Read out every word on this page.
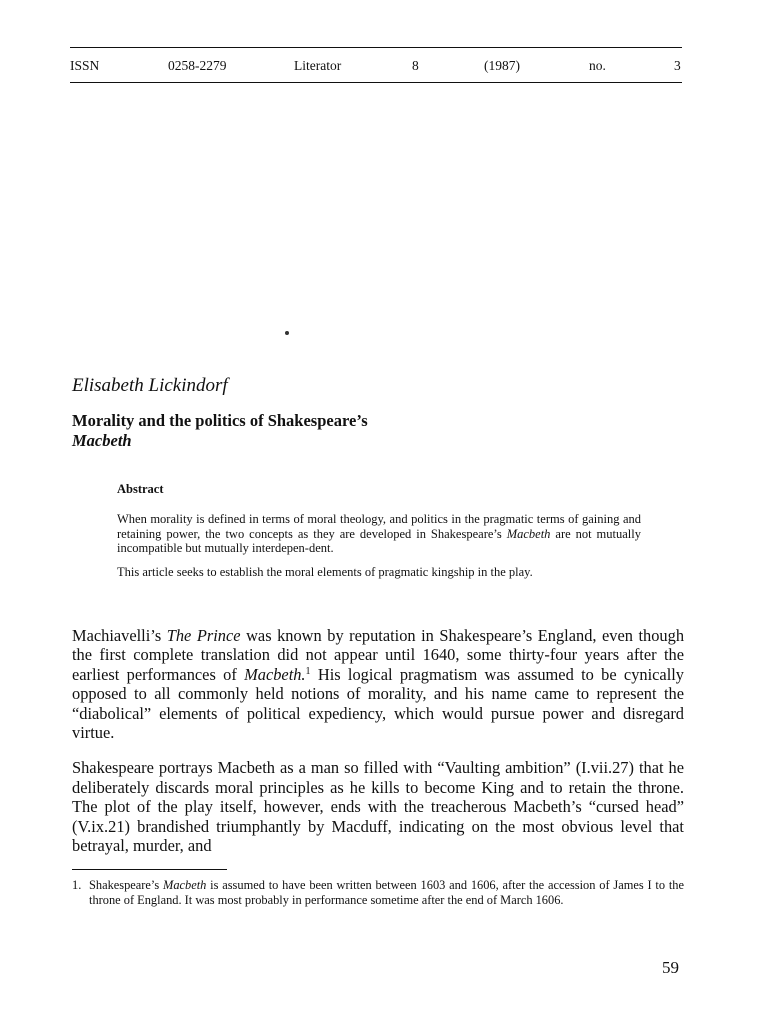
ISSN	0258-2279	Literator	8	(1987)	no.	3
Elisabeth Lickindorf
Morality and the politics of Shakespeare’s
Macbeth
Abstract

When morality is defined in terms of moral theology, and politics in the pragmatic terms of gaining and retaining power, the two concepts as they are developed in Shakespeare’s Macbeth are not mutually incompatible but mutually interdepen-dent.

This article seeks to establish the moral elements of pragmatic kingship in the play.

Machiavelli’s The Prince was known by reputation in Shakespeare’s England, even though the first complete translation did not appear until 1640, some thirty-four years after the earliest performances of Macbeth.$^1$ His logical pragmatism was assumed to be cynically opposed to all commonly held notions of morality, and his name came to represent the “diabolical” elements of political expediency, which would pursue power and disregard virtue.

Shakespeare portrays Macbeth as a man so filled with “Vaulting ambition” (I.vii.27) that he deliberately discards moral principles as he kills to become King and to retain the throne. The plot of the play itself, however, ends with the treacherous Macbeth’s “cursed head” (V.ix.21) brandished triumphantly by Macduff, indicating on the most obvious level that betrayal, murder, and

1. Shakespeare’s Macbeth is assumed to have been written between 1603 and 1606, after the accession of James I to the throne of England. It was most probably in performance sometime after the end of March 1606.
59
